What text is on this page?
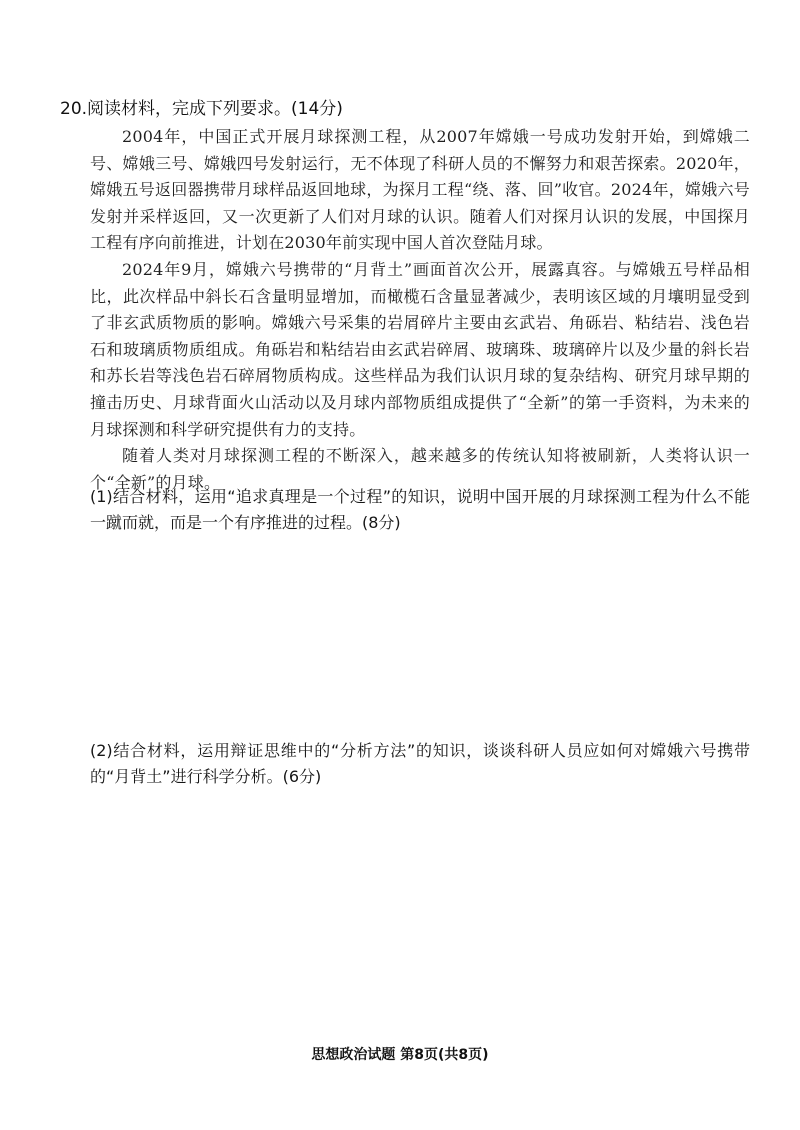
20.阅读材料，完成下列要求。(14分)

2004年，中国正式开展月球探测工程，从2007年嫦娥一号成功发射开始，到嫦娥二号、嫦娥三号、嫦娥四号发射运行，无不体现了科研人员的不懈努力和艰苦探索。2020年，嫦娥五号返回器携带月球样品返回地球，为探月工程“绕、落、回”收官。2024年，嫦娥六号发射并采样返回，又一次更新了人们对月球的认识。随着人们对探月认识的发展，中国探月工程有序向前推进，计划在2030年前实现中国人首次登陆月球。

2024年9月，嫦娥六号携带的“月背土”画面首次公开，展露真容。与嫦娥五号样品相比，此次样品中斜长石含量明显增加，而橄榄石含量显著减少，表明该区域的月壤明显受到了非玄武质物质的影响。嫦娥六号采集的岩屑碎片主要由玄武岩、角砾岩、粘结岩、浅色岩石和玻璃质物质组成。角砾岩和粘结岩由玄武岩碎屑、玻璃珠、玻璃碎片以及少量的斜长岩和苏长岩等浅色岩石碎屑物质构成。这些样品为我们认识月球的复杂结构、研究月球早期的撞击历史、月球背面火山活动以及月球内部物质组成提供了“全新”的第一手资料，为未来的月球探测和科学研究提供有力的支持。

随着人类对月球探测工程的不断深入，越来越多的传统认知将被刷新，人类将认识一个“全新”的月球。

(1)结合材料，运用“追求真理是一个过程”的知识，说明中国开展的月球探测工程为什么不能一蹴而就，而是一个有序推进的过程。(8分)

(2)结合材料，运用辩证思维中的“分析方法”的知识，谈谈科研人员应如何对嫦娥六号携带的“月背土”进行科学分析。(6分)

思想政治试题 第8页(共8页)
